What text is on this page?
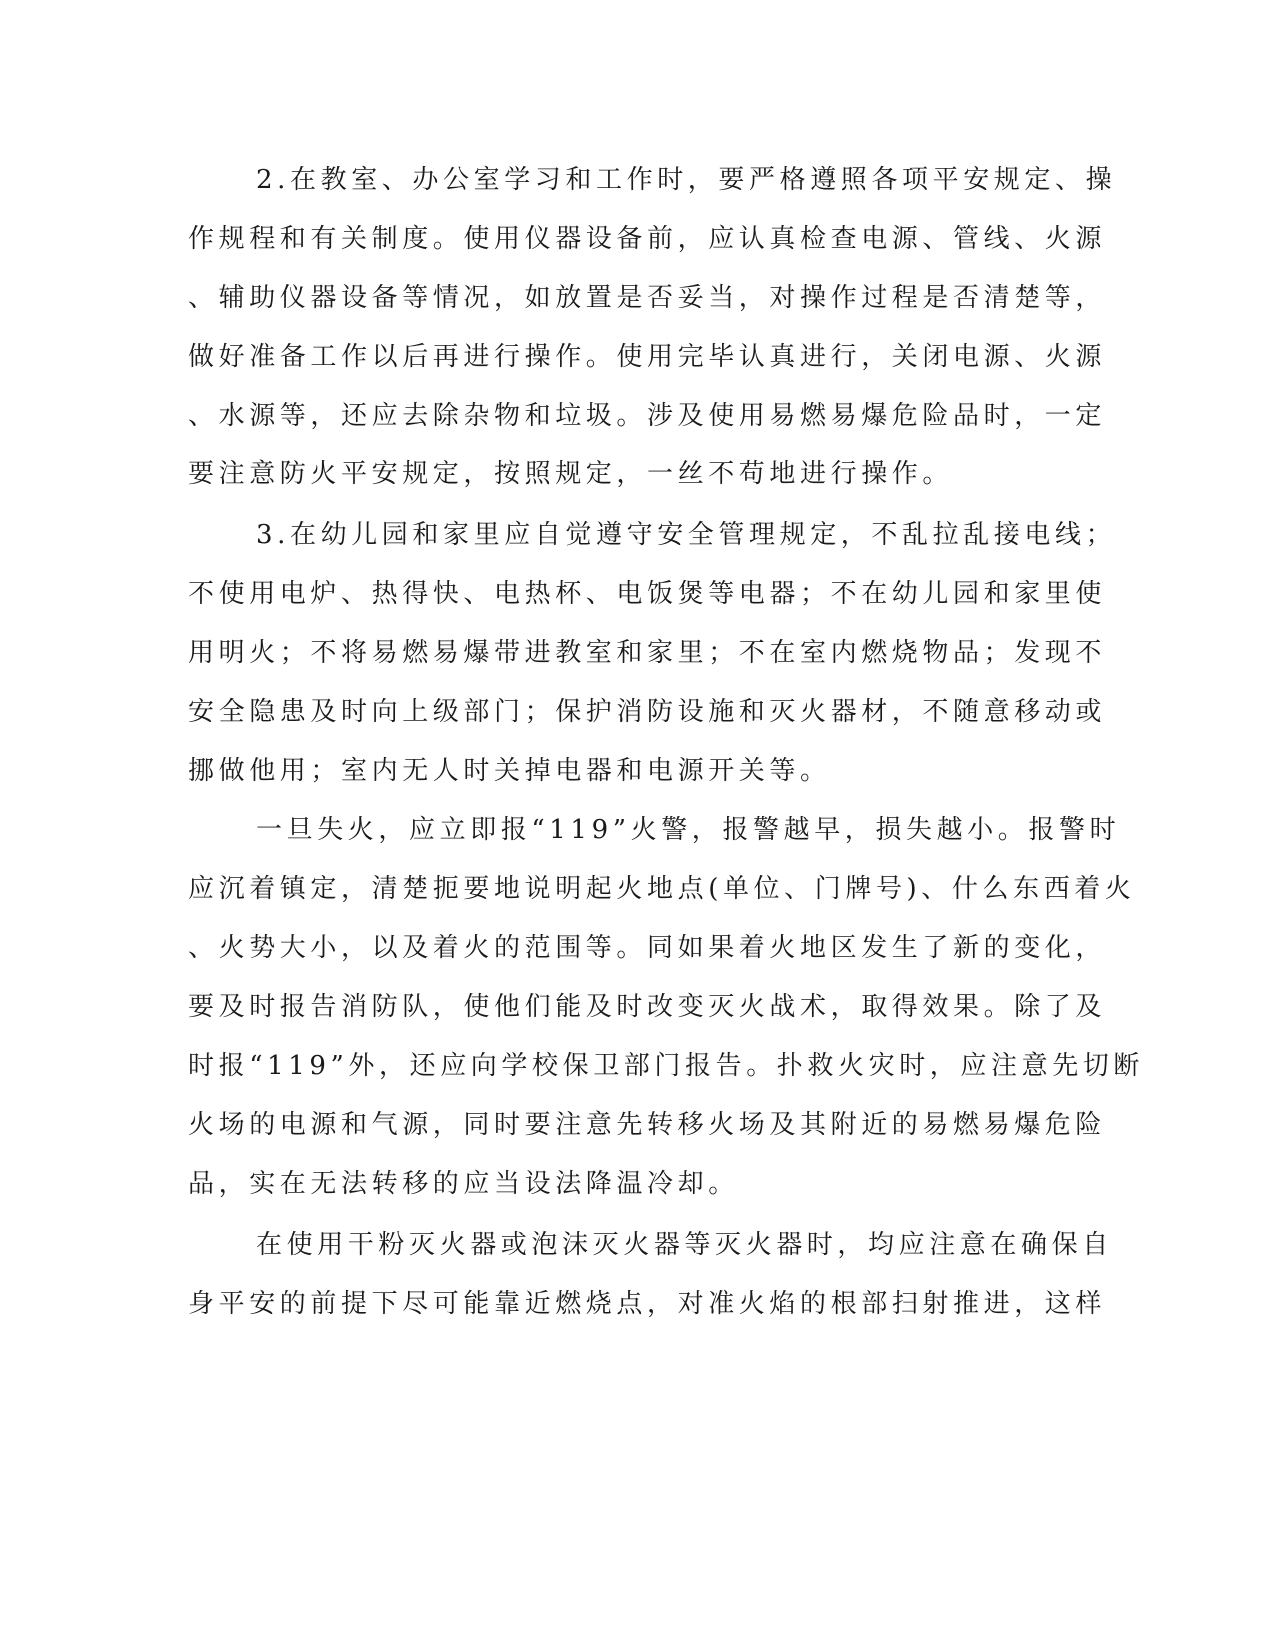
2.在教室、办公室学习和工作时，要严格遵照各项平安规定、操
作规程和有关制度。使用仪器设备前，应认真检查电源、管线、火源
、辅助仪器设备等情况，如放置是否妥当，对操作过程是否清楚等，
做好准备工作以后再进行操作。使用完毕认真进行，关闭电源、火源
、水源等，还应去除杂物和垃圾。涉及使用易燃易爆危险品时，一定
要注意防火平安规定，按照规定，一丝不苟地进行操作。
3.在幼儿园和家里应自觉遵守安全管理规定，不乱拉乱接电线；
不使用电炉、热得快、电热杯、电饭煲等电器；不在幼儿园和家里使
用明火；不将易燃易爆带进教室和家里；不在室内燃烧物品；发现不
安全隐患及时向上级部门；保护消防设施和灭火器材，不随意移动或
挪做他用；室内无人时关掉电器和电源开关等。
一旦失火，应立即报“119”火警，报警越早，损失越小。报警时
应沉着镇定，清楚扼要地说明起火地点(单位、门牌号)、什么东西着火
、火势大小，以及着火的范围等。同如果着火地区发生了新的变化，
要及时报告消防队，使他们能及时改变灭火战术，取得效果。除了及
时报“119”外，还应向学校保卫部门报告。扑救火灾时，应注意先切断
火场的电源和气源，同时要注意先转移火场及其附近的易燃易爆危险
品，实在无法转移的应当设法降温冷却。
在使用干粉灭火器或泡沫灭火器等灭火器时，均应注意在确保自
身平安的前提下尽可能靠近燃烧点，对准火焰的根部扫射推进，这样
